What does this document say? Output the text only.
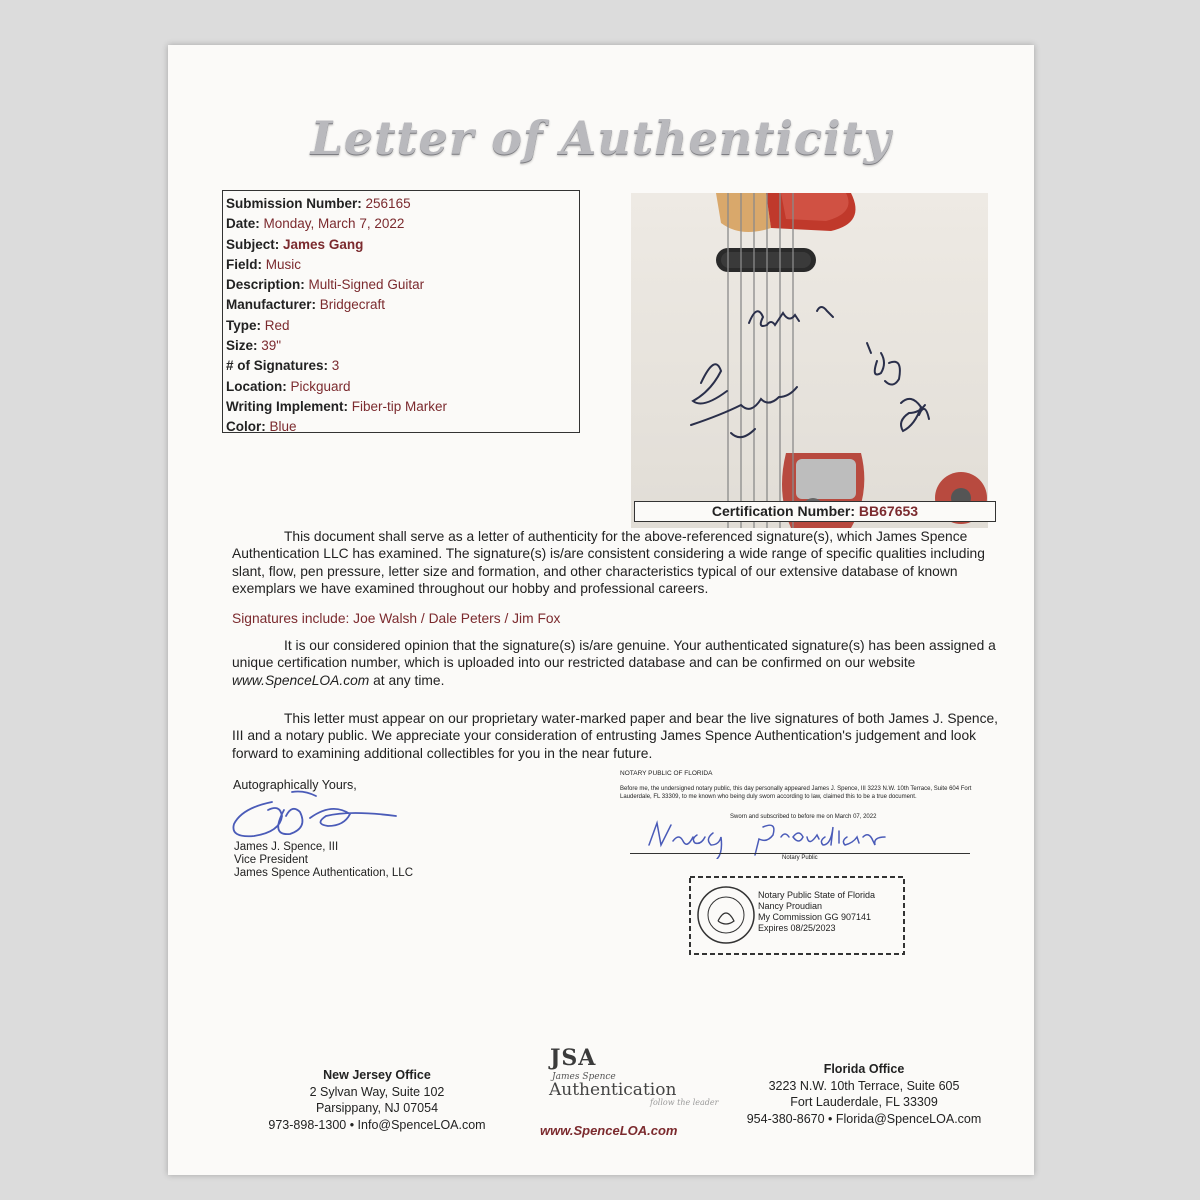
Letter of Authenticity
Submission Number: 256165
Date: Monday, March 7, 2022
Subject: James Gang
Field: Music
Description: Multi-Signed Guitar
Manufacturer: Bridgecraft
Type: Red
Size: 39"
# of Signatures: 3
Location: Pickguard
Writing Implement: Fiber-tip Marker
Color: Blue
Certification Number: BB67653
This document shall serve as a letter of authenticity for the above-referenced signature(s), which James Spence Authentication LLC has examined. The signature(s) is/are consistent considering a wide range of specific qualities including slant, flow, pen pressure, letter size and formation, and other characteristics typical of our extensive database of known exemplars we have examined throughout our hobby and professional careers.
Signatures include: Joe Walsh / Dale Peters / Jim Fox
It is our considered opinion that the signature(s) is/are genuine. Your authenticated signature(s) has been assigned a unique certification number, which is uploaded into our restricted database and can be confirmed on our website www.SpenceLOA.com at any time.
This letter must appear on our proprietary water-marked paper and bear the live signatures of both James J. Spence, III and a notary public. We appreciate your consideration of entrusting James Spence Authentication's judgement and look forward to examining additional collectibles for you in the near future.
Autographically Yours,
James J. Spence, III
Vice President
James Spence Authentication, LLC
NOTARY PUBLIC OF FLORIDA
Before me, the undersigned notary public, this day personally appeared James J. Spence, III 3223 N.W. 10th Terrace, Suite 604 Fort Lauderdale, FL 33309, to me known who being duly sworn according to law, claimed this to be a true document.
Sworn and subscribed to before me on March 07, 2022
Notary Public
Notary Public State of Florida
Nancy Proudian
My Commission GG 907141
Expires 08/25/2023
New Jersey Office
2 Sylvan Way, Suite 102
Parsippany, NJ 07054
973-898-1300 • Info@SpenceLOA.com
JSA
James Spence
Authentication
follow the leader
www.SpenceLOA.com
Florida Office
3223 N.W. 10th Terrace, Suite 605
Fort Lauderdale, FL 33309
954-380-8670 • Florida@SpenceLOA.com
